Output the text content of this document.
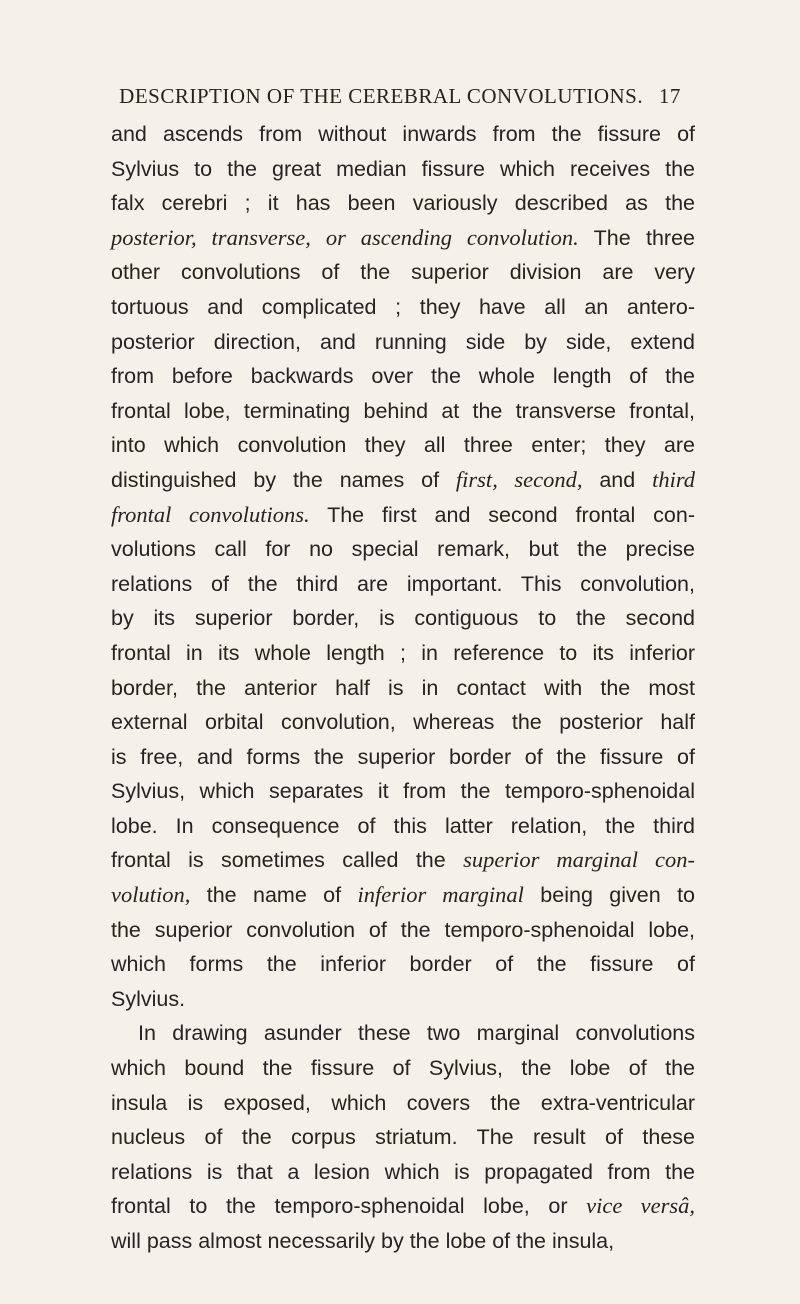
DESCRIPTION OF THE CEREBRAL CONVOLUTIONS. 17
and ascends from without inwards from the fissure of
Sylvius to the great median fissure which receives the
falx cerebri ; it has been variously described as the
posterior, transverse, or ascending convolution. The three
other convolutions of the superior division are very
tortuous and complicated ; they have all an antero-
posterior direction, and running side by side, extend
from before backwards over the whole length of the
frontal lobe, terminating behind at the transverse frontal,
into which convolution they all three enter; they are
distinguished by the names of first, second, and third
frontal convolutions. The first and second frontal con-
volutions call for no special remark, but the precise
relations of the third are important. This convolution,
by its superior border, is contiguous to the second
frontal in its whole length ; in reference to its inferior
border, the anterior half is in contact with the most
external orbital convolution, whereas the posterior half
is free, and forms the superior border of the fissure of
Sylvius, which separates it from the temporo-sphenoidal
lobe. In consequence of this latter relation, the third
frontal is sometimes called the superior marginal con-
volution, the name of inferior marginal being given to
the superior convolution of the temporo-sphenoidal lobe,
which forms the inferior border of the fissure of
Sylvius.
In drawing asunder these two marginal convolutions
which bound the fissure of Sylvius, the lobe of the
insula is exposed, which covers the extra-ventricular
nucleus of the corpus striatum. The result of these
relations is that a lesion which is propagated from the
frontal to the temporo-sphenoidal lobe, or vice versâ,
will pass almost necessarily by the lobe of the insula,
